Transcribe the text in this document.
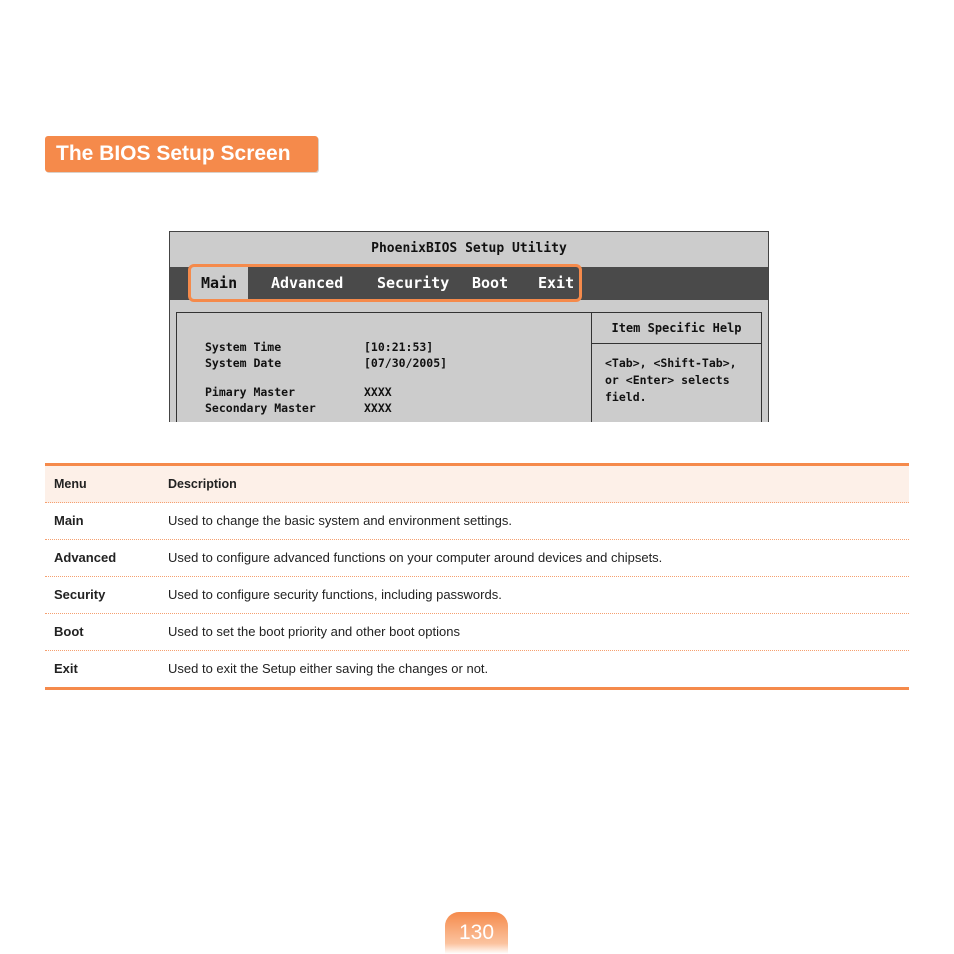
The BIOS Setup Screen
PhoenixBIOS Setup Utility
Main	Advanced Security Boot Exit
System Time	[10:21:53]
System Date	[07/30/2005]
Pimary Master	XXXX
Secondary Master	XXXX
Item Specific Help
<Tab>, <Shift-Tab>, or <Enter> selects field.
Menu	Description
Main	Used to change the basic system and environment settings.
Advanced	Used to configure advanced functions on your computer around devices and chipsets.
Security	Used to configure security functions, including passwords.
Boot	Used to set the boot priority and other boot options
Exit	Used to exit the Setup either saving the changes or not.
130
